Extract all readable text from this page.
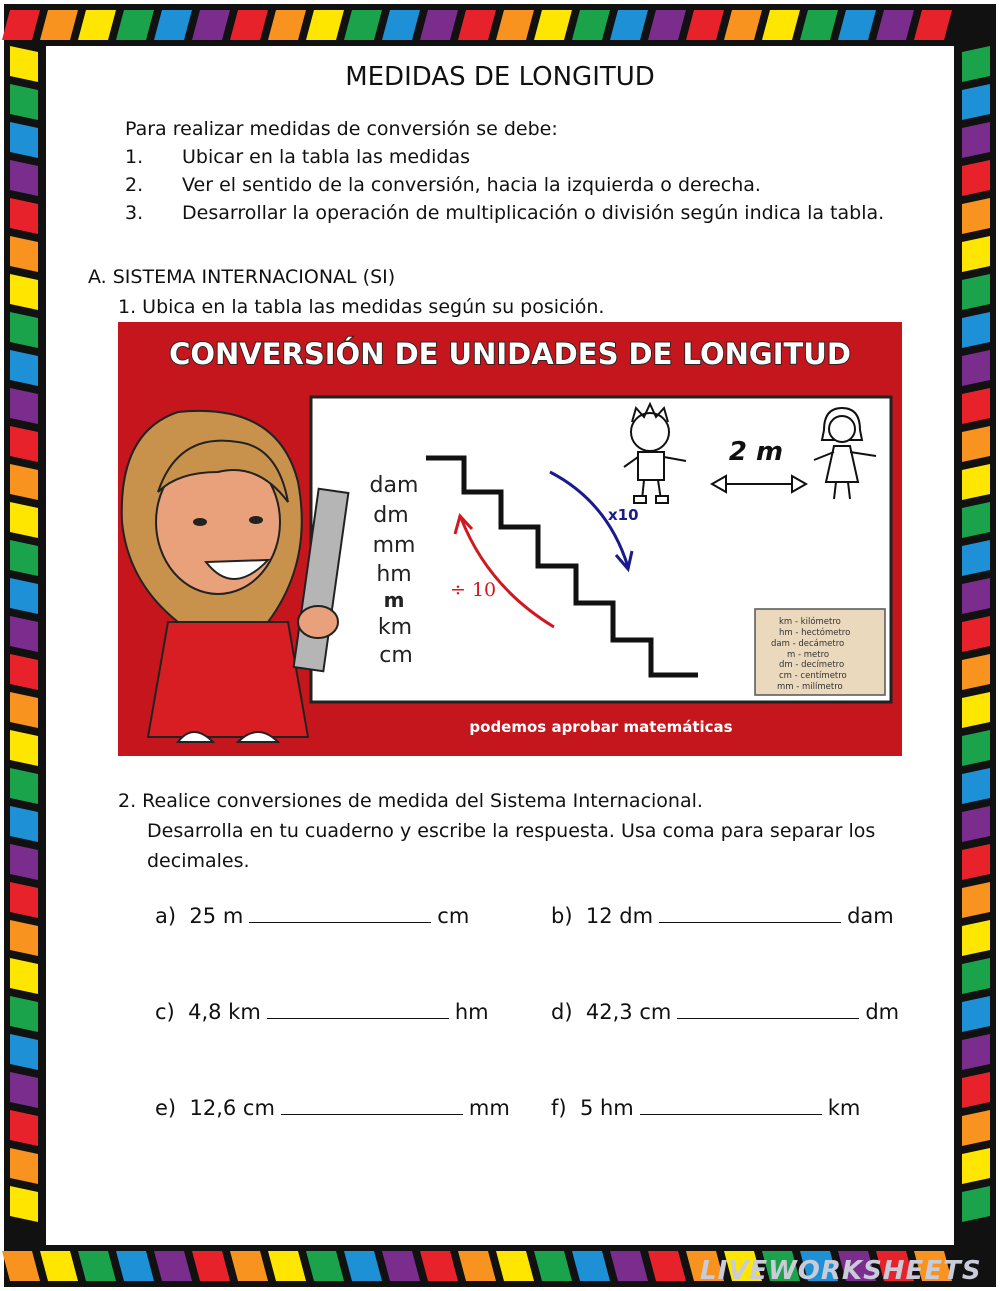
MEDIDAS DE LONGITUD
Para realizar medidas de conversión se debe:
1.	Ubicar en la tabla las medidas
2.	Ver el sentido de la conversión, hacia la izquierda o derecha.
3.	Desarrollar la operación de multiplicación o división según indica la tabla.
A. SISTEMA INTERNACIONAL (SI)
1. Ubica en la tabla las medidas según su posición.
CONVERSIÓN DE UNIDADES DE LONGITUD
dam
dm
mm
hm
m
km
cm
x10
÷ 10
2 m
km - kilómetro
hm - hectómetro
dam - decámetro
m - metro
dm - decímetro
cm - centímetro
mm - milímetro
podemos aprobar matemáticas
2. Realice conversiones de medida del Sistema Internacional.
Desarrolla en tu cuaderno y escribe la respuesta. Usa coma para separar los
decimales.
a) 25 m	cm	b) 12 dm	dam
c) 4,8 km	hm	d) 42,3 cm	dm
e) 12,6 cm	mm f) 5 hm	km
LIVEWORKSHEETS
